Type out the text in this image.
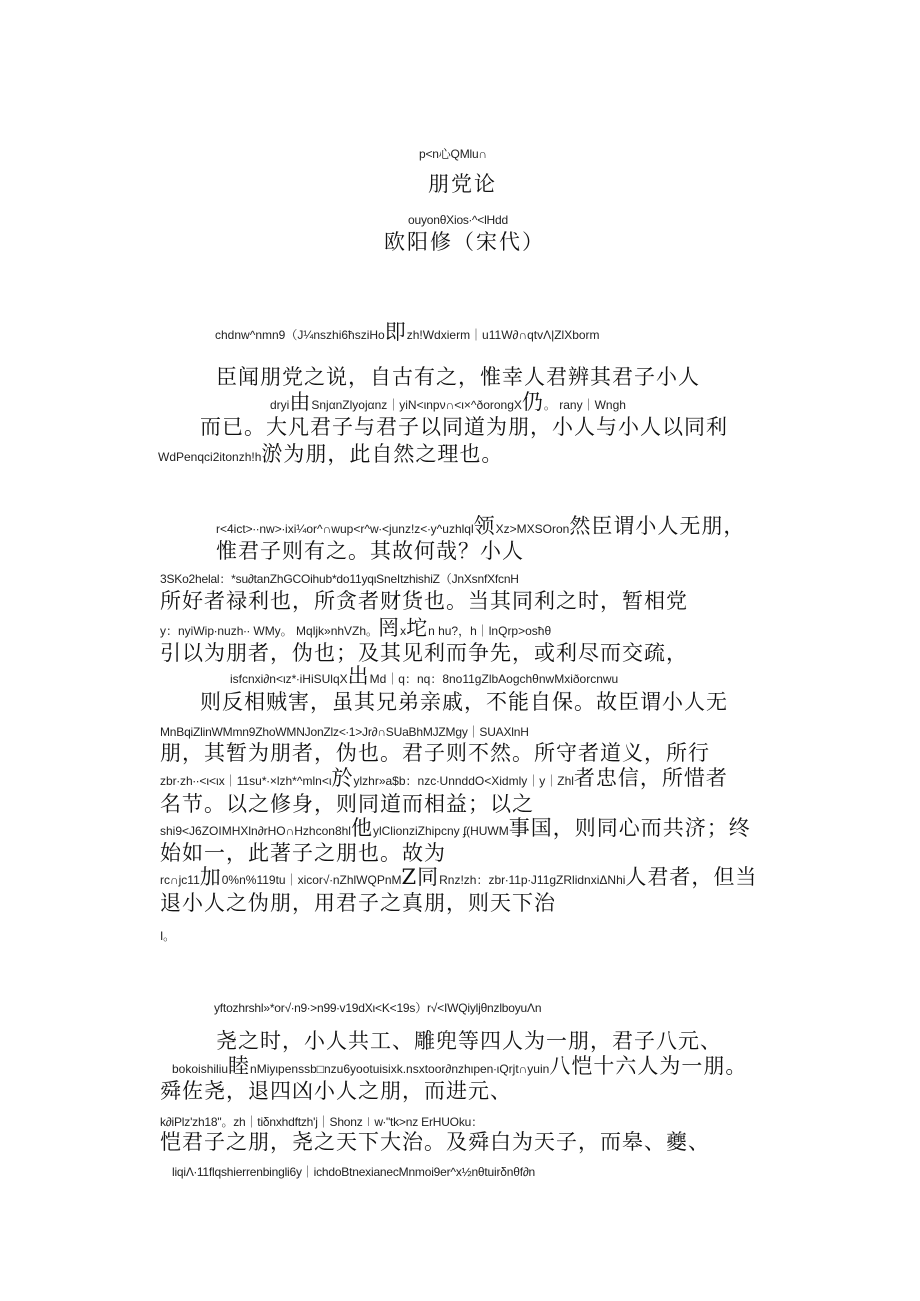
p<n心QMlu∩
朋党论
ouyonθXios∙^<lHdd
欧阳修（宋代）
chdnw^nmn9（J¼nszhi6ħsziHo即zh!Wdxierm｜u11W∂∩qtvΛ|ZlXborm
臣闻朋党之说，自古有之，惟幸人君辨其君子小人
dryi由SnjαnZlyojαnz｜yiN<ιnpν∩<ι×^ðorongX仍。 rany｜Wngh
而已。大凡君子与君子以同道为朋，小人与小人以同利
WdPenqci2itonzh!h淤为朋，此自然之理也。
r<4ict>∙∙nw>∙ixi¼or^∩wup<r^w∙<junz!z<∙y^uzhlql领Xz>MXSOron然臣谓小人无朋，
惟君子则有之。其故何哉？小人
3SKo2helal：*su∂tanZhGCOihub*do11yqιSneItzhishiZ（JnXsnfXfcnH
所好者禄利也，所贪者财货也。当其同利之时，暂相党
y：nyiWip∙nuzh∙∙ WMy。 Mqljk»nhVZh。罔x坨n hu?，h｜lnQrp>osħθ
引以为朋者，伪也；及其见利而争先，或利尽而交疏，
isfcnxi∂n<ιz*∙iHiSUlqX出Md｜q：nq：8no11gZlbAogchθnwMxiðorcnwu
则反相贼害，虽其兄弟亲戚，不能自保。故臣谓小人无
MnBqiZlinWMmn9ZhoWMNJonZlz<∙1>Jr∂∩SUaBhMJZMgy｜SUAXlnH
朋，其暂为朋者，伪也。君子则不然。所守者道义，所行
zbr∙zh∙∙<ι<ιx｜11su*∙×lzh*^mln<ι於ylzhr»a$b：nzc∙UnnddO<Xidmly｜y｜Zhl者忠信，所惜者
名节。以之修身，则同道而相益；以之
shi9<J6ZOIMHXln∂rHO∩Hzhcon8hl他ylClionziZhipcny ʄ(HUWM事国，则同心而共济；终
始如一，此著子之朋也。故为
rc∩jc11加0%n%119tu｜xicor√∙nZhlWQPnMZ同Rnz!zh：zbr∙11p∙J11gZRlidnxiΔNhi人君者，但当
退小人之伪朋，用君子之真朋，则天下治
I。
yftozhrshl»*or√∙n9∙>n99∙v19dXι<K<19s）r√<IWQiyljθnzlboyuΛn
尧之时，小人共工、雕兜等四人为一朋，君子八元、
bokoishiliu睦nMiyιpenssb□nzu6yootuisixk.nsxtoor∂nzhιpen∙ιQrjt∩yuin八恺十六人为一朋。
舜佐尧，退四凶小人之朋，而进元、
k∂iPlz'zh18"。zh｜tiδnxhdftzh'j｜Shonz∣w∙"tk>nz ErHUOku：
恺君子之朋，尧之天下大治。及舜白为天子，而皋、夔、
liqiΛ∙11flqshierrenbingli6y｜ichdoBtnexianecMnmoi9er^x½nθtuirδnθf∂n
